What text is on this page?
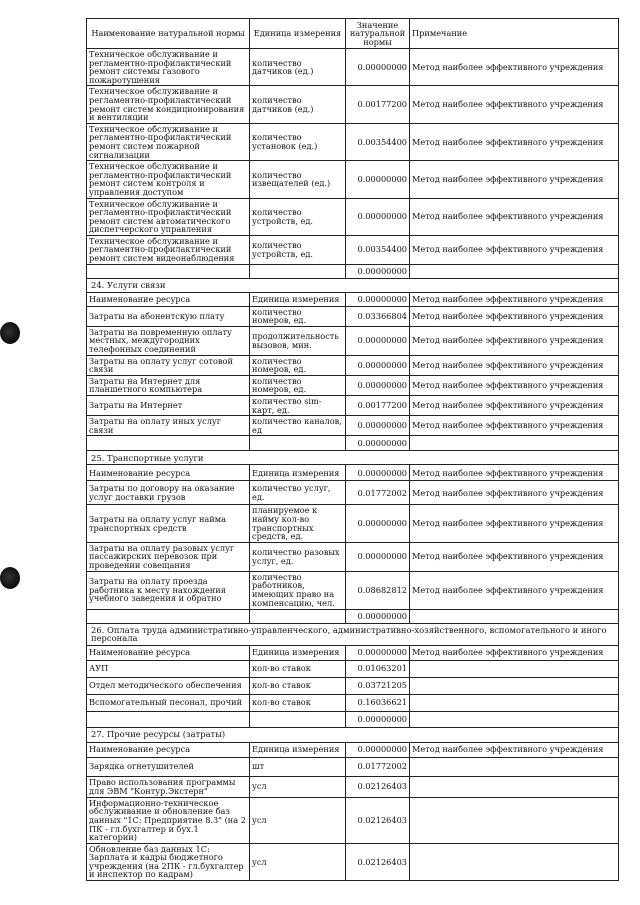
Наименование натуральной нормы	Единица измерения	Значение натуральной нормы	Примечание
Техническое обслуживание и регламентно-профилактический ремонт системы газового пожаротушения	количество датчиков (ед.)	0.00000000	Метод наиболее эффективного учреждения
Техническое обслуживание и регламентно-профилактический ремонт систем кондиционирования и вентиляции	количество датчиков (ед.)	0.00177200	Метод наиболее эффективного учреждения
Техническое обслуживание и регламентно-профилактический ремонт систем пожарной сигнализации	количество установок (ед.)	0.00354400	Метод наиболее эффективного учреждения
Техническое обслуживание и регламентно-профилактический ремонт систем контроля и управления доступом	количество извещателей (ед.)	0.00000000	Метод наиболее эффективного учреждения
Техническое обслуживание и регламентно-профилактический ремонт систем автоматического диспетчерского управления	количество устройств, ед.	0.00000000	Метод наиболее эффективного учреждения
Техническое обслуживание и регламентно-профилактический ремонт систем видеонаблюдения	количество устройств, ед.	0.00354400	Метод наиболее эффективного учреждения
		0.00000000	
24. Услуги связи			
Наименование ресурса	Единица измерения	0.00000000	Метод наиболее эффективного учреждения
Затраты на абонентскую плату	количество номеров, ед.	0.03366804	Метод наиболее эффективного учреждения
Затраты на повременную оплату местных, междугородних телефонных соединений	продолжительность вызовов, мин.	0.00000000	Метод наиболее эффективного учреждения
Затраты на оплату услуг сотовой связи	количество номеров, ед.	0.00000000	Метод наиболее эффективного учреждения
Затраты на Интернет для планшетного компьютера	количество номеров, ед.	0.00000000	Метод наиболее эффективного учреждения
Затраты на Интернет	количество sim-карт, ед.	0.00177200	Метод наиболее эффективного учреждения
Затраты на оплату иных услуг связи	количество каналов, ед	0.00000000	Метод наиболее эффективного учреждения
		0.00000000	
25. Транспортные услуги			
Наименование ресурса	Единица измерения	0.00000000	Метод наиболее эффективного учреждения
Затраты по договору на оказание услуг доставки грузов	количество услуг, ед.	0.01772002	Метод наиболее эффективного учреждения
Затраты на оплату услуг найма транспортных средств	планируемое к найму кол-во транспортных средств, ед.	0.00000000	Метод наиболее эффективного учреждения
Затраты на оплату разовых услуг пассажирских перевозок при проведении совещания	количество разовых услуг, ед.	0.00000000	Метод наиболее эффективного учреждения
Затраты на оплату проезда работника к месту нахождения учебного заведения и обратно	количество работников, имеющих право на компенсацию, чел.	0.08682812	Метод наиболее эффективного учреждения
		0.00000000	
26. Оплата труда административно-управленческого, административно-хозяйственного, вспомогательного и иного персонала			
Наименование ресурса	Единица измерения	0.00000000	Метод наиболее эффективного учреждения
АУП	кол-во ставок	0.01063201	
Отдел методического обеспечения	кол-во ставок	0.03721205	
Вспомогательный песонал, прочий	кол-во ставок	0.16036621	
		0.00000000	
27. Прочие ресурсы (затраты)			
Наименование ресурса	Единица измерения	0.00000000	Метод наиболее эффективного учреждения
Зарядка огнетушителей	шт	0.01772002	
Право использования программы для ЭВМ "Контур.Экстерн"	усл	0.02126403	
Информационно-техническое обслуживание и обновление баз данных "1С: Предприятие 8.3" (на 2 ПК - гл.бухгалтер и бух.1 категории)	усл	0.02126403	
Обновление баз данных 1С: Зарплата и кадры бюджетного учреждения (на 2ПК - гл.бухгалтер и инспектор по кадрам)	усл	0.02126403	
